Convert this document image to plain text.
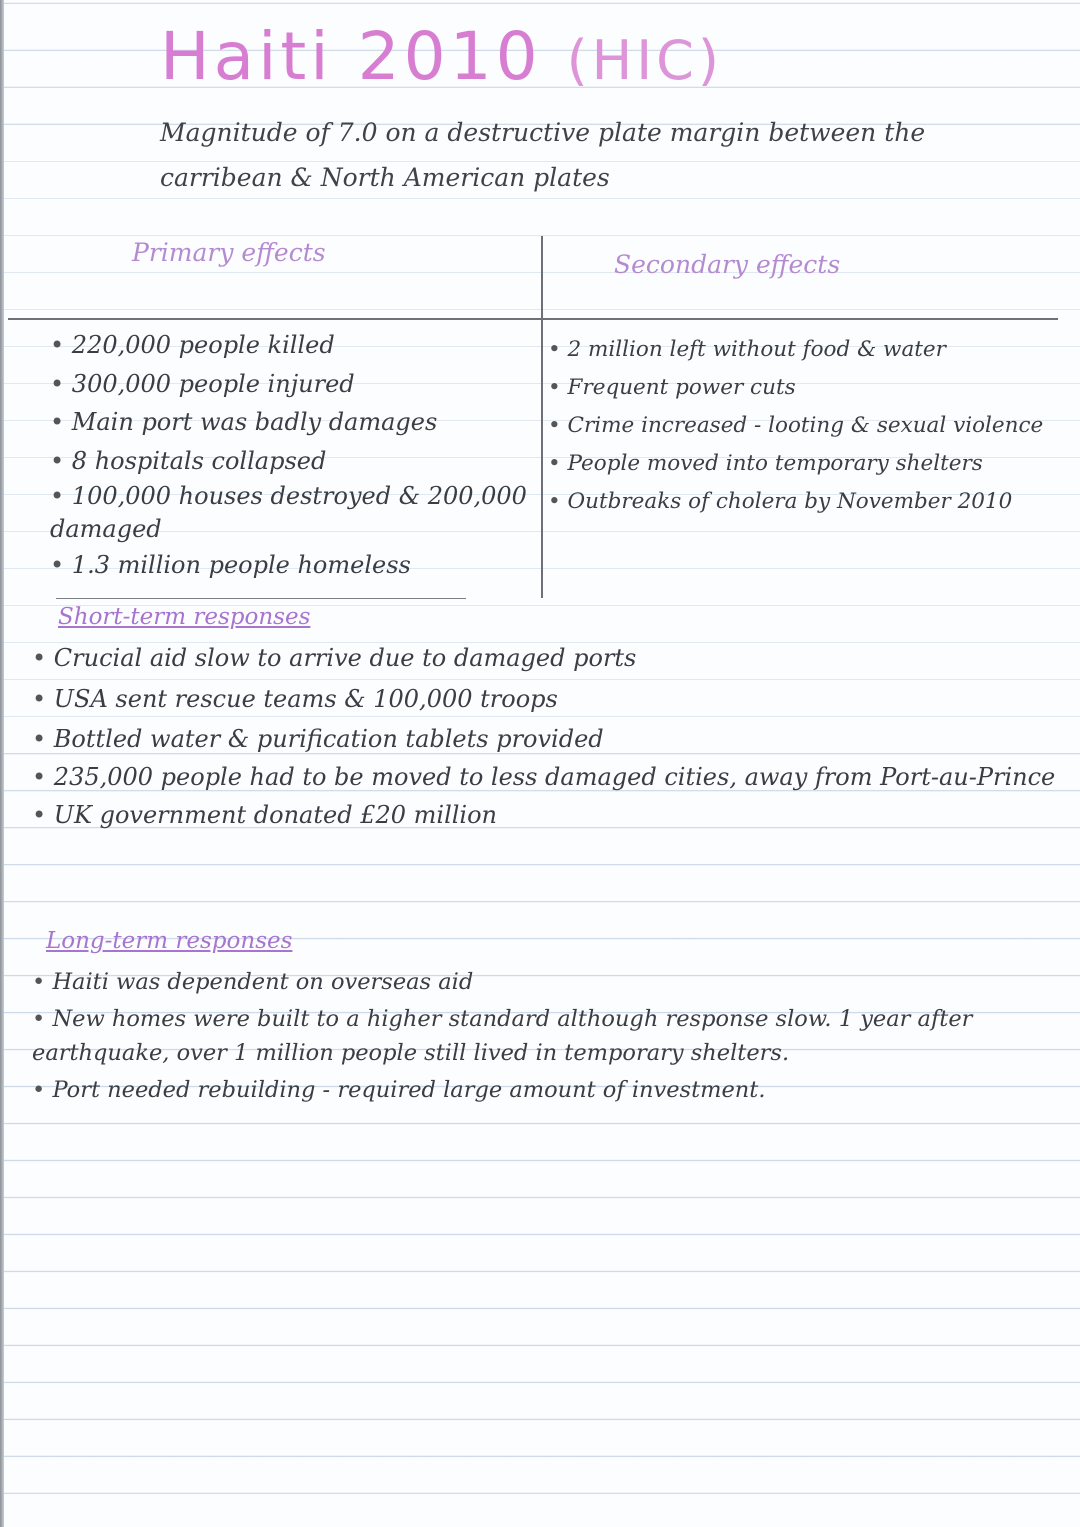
Haiti 2010 (HIC)

Magnitude of 7.0 on a destructive plate margin between the carribean & North American plates

Primary effects	Secondary effects
• 220,000 people killed
• 300,000 people injured
• Main port was badly damages
• 8 hospitals collapsed
• 100,000 houses destroyed & 200,000 damaged
• 1.3 million people homeless
• 2 million left without food & water
• Frequent power cuts
• Crime increased - looting & sexual violence
• People moved into temporary shelters
• Outbreaks of cholera by November 2010
Short-term responses
• Crucial aid slow to arrive due to damaged ports
• USA sent rescue teams & 100,000 troops
• Bottled water & purification tablets provided
• 235,000 people had to be moved to less damaged cities, away from Port-au-Prince
• UK government donated £20 million
Long-term responses
• Haiti was dependent on overseas aid
• New homes were built to a higher standard although response slow. 1 year after earthquake, over 1 million people still lived in temporary shelters.
• Port needed rebuilding - required large amount of investment.
